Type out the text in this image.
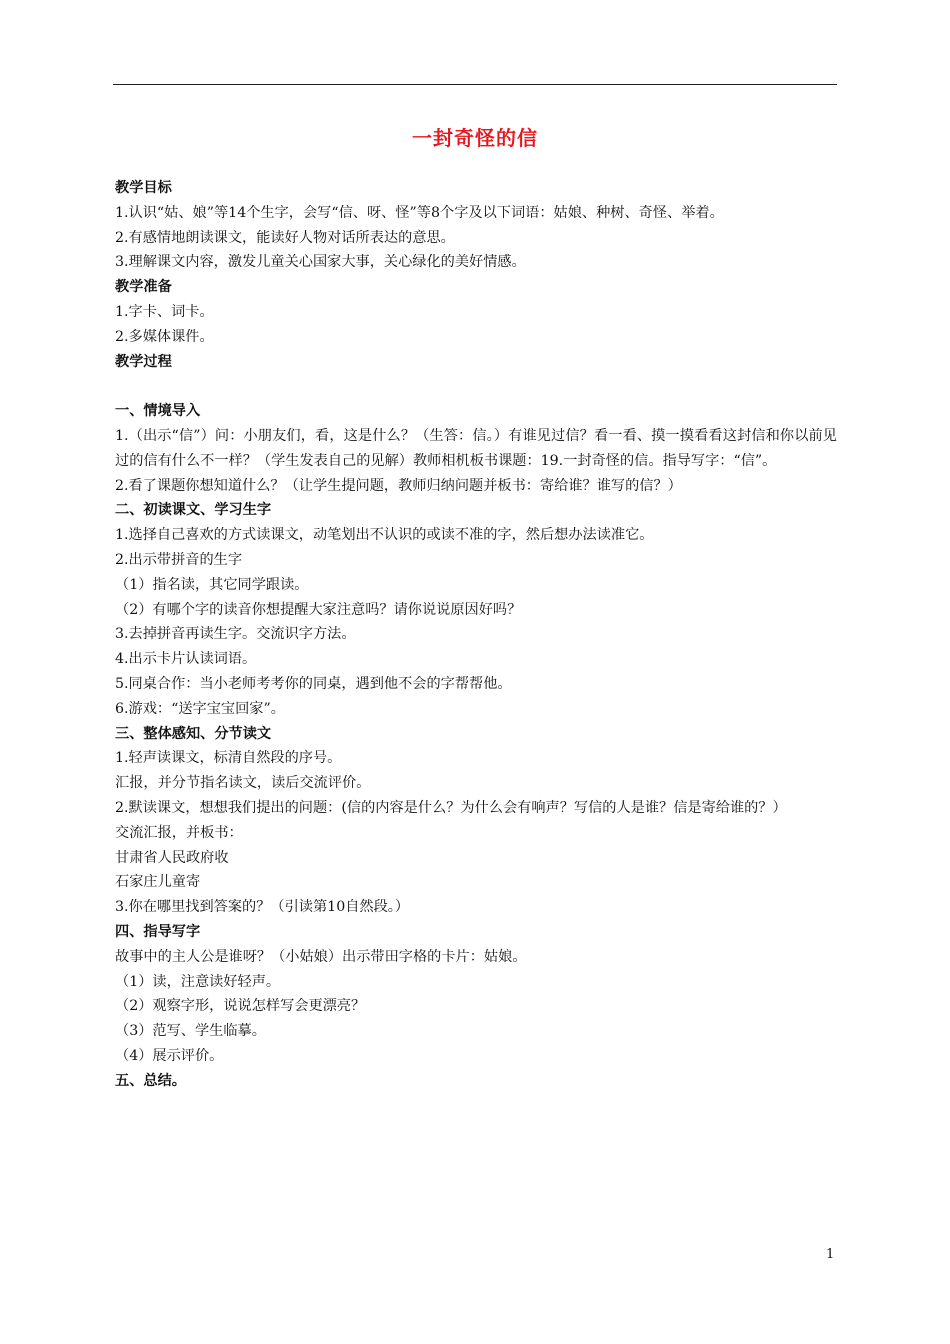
一封奇怪的信
教学目标
1.认识“姑、娘”等14个生字，会写“信、呀、怪”等8个字及以下词语：姑娘、种树、奇怪、举着。
2.有感情地朗读课文，能读好人物对话所表达的意思。
3.理解课文内容，激发儿童关心国家大事，关心绿化的美好情感。
教学准备
1.字卡、词卡。
2.多媒体课件。
教学过程
一、情境导入
1.（出示“信”）问：小朋友们，看，这是什么？（生答：信。）有谁见过信？看一看、摸一摸看看这封信和你以前见过的信有什么不一样？（学生发表自己的见解）教师相机板书课题：19.一封奇怪的信。指导写字：“信”。
2.看了课题你想知道什么？（让学生提问题，教师归纳问题并板书：寄给谁？谁写的信？）
二、初读课文、学习生字
1.选择自己喜欢的方式读课文，动笔划出不认识的或读不准的字，然后想办法读准它。
2.出示带拼音的生字
（1）指名读，其它同学跟读。
（2）有哪个字的读音你想提醒大家注意吗？请你说说原因好吗？
3.去掉拼音再读生字。交流识字方法。
4.出示卡片认读词语。
5.同桌合作：当小老师考考你的同桌，遇到他不会的字帮帮他。
6.游戏：“送字宝宝回家”。
三、整体感知、分节读文
1.轻声读课文，标清自然段的序号。
汇报，并分节指名读文，读后交流评价。
2.默读课文，想想我们提出的问题：(信的内容是什么？为什么会有响声？写信的人是谁？信是寄给谁的？）
交流汇报，并板书：
甘肃省人民政府收
石家庄儿童寄
3.你在哪里找到答案的？（引读第10自然段。）
四、指导写字
故事中的主人公是谁呀？（小姑娘）出示带田字格的卡片：姑娘。
（1）读，注意读好轻声。
（2）观察字形，说说怎样写会更漂亮？
（3）范写、学生临摹。
（4）展示评价。
五、总结。
1
